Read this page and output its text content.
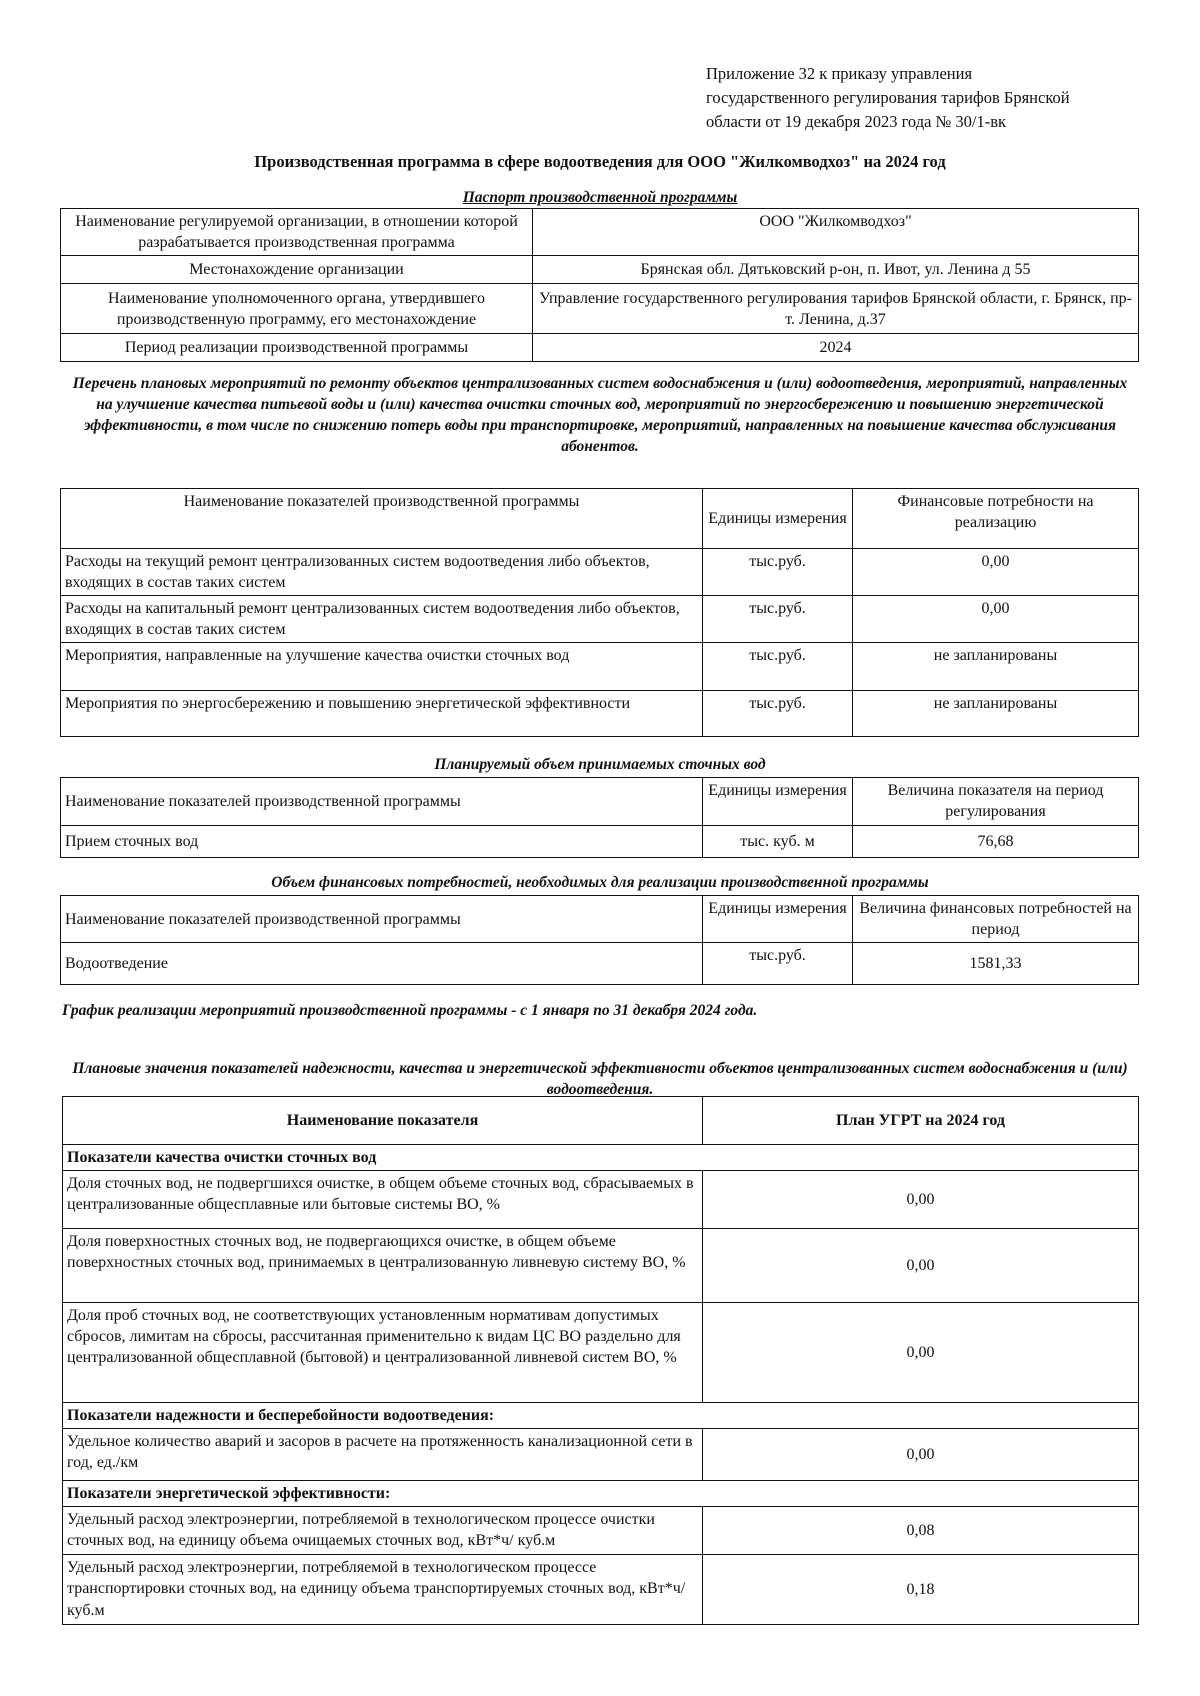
Приложение 32 к приказу управления
государственного регулирования тарифов Брянской
области от 19 декабря 2023 года № 30/1-вк
Производственная программа в сфере водоотведения для ООО "Жилкомводхоз" на 2024 год
Паспорт производственной программы
Наименование регулируемой организации, в отношении которой разрабатывается производственная программа	ООО "Жилкомводхоз"
Местонахождение организации	Брянская обл. Дятьковский р-он, п. Ивот, ул. Ленина д 55
Наименование уполномоченного органа, утвердившего производственную программу, его местонахождение	Управление государственного регулирования тарифов Брянской области, г. Брянск, пр-т. Ленина, д.37
Период реализации производственной программы	2024
Перечень плановых мероприятий по ремонту объектов централизованных систем водоснабжения и (или) водоотведения, мероприятий, направленных на улучшение качества питьевой воды и (или) качества очистки сточных вод, мероприятий по энергосбережению и повышению энергетической эффективности, в том числе по снижению потерь воды при транспортировке, мероприятий, направленных на повышение качества обслуживания абонентов.
Наименование показателей производственной программы	Единицы измерения	Финансовые потребности на реализацию
Расходы на текущий ремонт централизованных систем водоотведения либо объектов, входящих в состав таких систем	тыс.руб.	0,00
Расходы на капитальный ремонт централизованных систем водоотведения либо объектов, входящих в состав таких систем	тыс.руб.	0,00
Мероприятия, направленные на улучшение качества очистки сточных вод	тыс.руб.	не запланированы
Мероприятия по энергосбережению и повышению энергетической эффективности	тыс.руб.	не запланированы
Планируемый объем принимаемых сточных вод
Наименование показателей производственной программы	Единицы измерения	Величина показателя на период регулирования
Прием сточных вод	тыс. куб. м	76,68
Объем финансовых потребностей, необходимых для реализации производственной программы
Наименование показателей производственной программы	Единицы измерения	Величина финансовых потребностей на период
Водоотведение	тыс.руб.	1581,33
График реализации мероприятий производственной программы - с 1 января по 31 декабря 2024 года.
Плановые значения показателей надежности, качества и энергетической эффективности объектов централизованных систем водоснабжения и (или) водоотведения.
Наименование показателя	План УГРТ на 2024 год
Показатели качества очистки сточных вод	
Доля сточных вод, не подвергшихся очистке, в общем объеме сточных вод, сбрасываемых в централизованные общесплавные или бытовые системы ВО, %	0,00
Доля поверхностных сточных вод, не подвергающихся очистке, в общем объеме поверхностных сточных вод, принимаемых в централизованную ливневую систему ВО, %	0,00
Доля проб сточных вод, не соответствующих установленным нормативам допустимых сбросов, лимитам на сбросы, рассчитанная применительно к видам ЦС ВО раздельно для централизованной общесплавной (бытовой) и централизованной ливневой систем ВО, %	0,00
Показатели надежности и бесперебойности водоотведения:	
Удельное количество аварий и засоров в расчете на протяженность канализационной сети в год, ед./км	0,00
Показатели энергетической эффективности:	
Удельный расход электроэнергии, потребляемой в технологическом процессе очистки сточных вод, на единицу объема очищаемых сточных вод, кВт*ч/ куб.м	0,08
Удельный расход электроэнергии, потребляемой в технологическом процессе транспортировки сточных вод, на единицу объема транспортируемых сточных вод, кВт*ч/ куб.м	0,18
